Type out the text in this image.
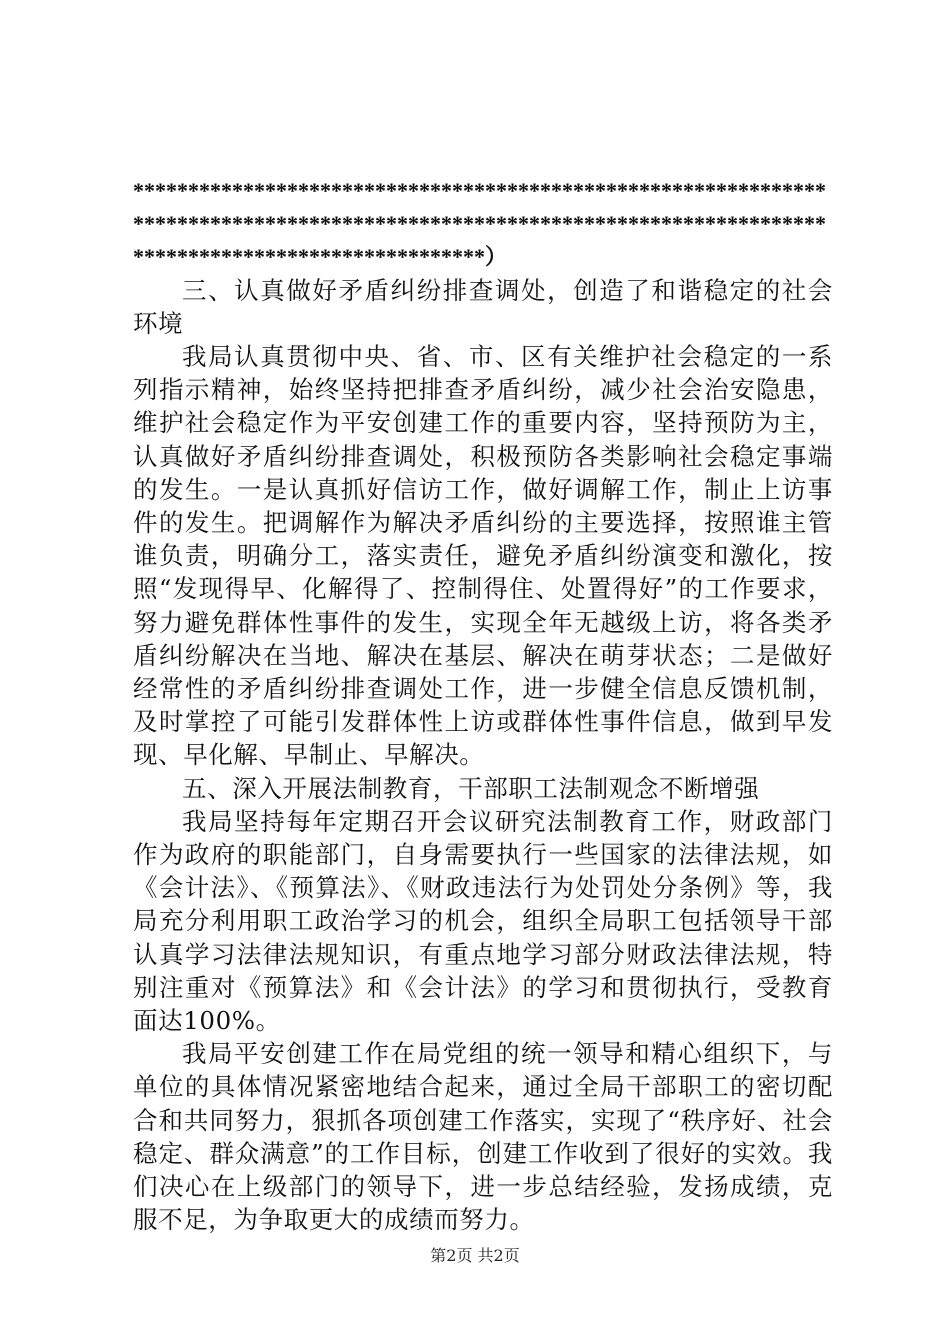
**************************************************************************************************************************************************************）

三、认真做好矛盾纠纷排查调处，创造了和谐稳定的社会环境

我局认真贯彻中央、省、市、区有关维护社会稳定的一系列指示精神，始终坚持把排查矛盾纠纷，减少社会治安隐患，维护社会稳定作为平安创建工作的重要内容，坚持预防为主，认真做好矛盾纠纷排查调处，积极预防各类影响社会稳定事端的发生。一是认真抓好信访工作，做好调解工作，制止上访事件的发生。把调解作为解决矛盾纠纷的主要选择，按照谁主管谁负责，明确分工，落实责任，避免矛盾纠纷演变和激化，按照“发现得早、化解得了、控制得住、处置得好”的工作要求，努力避免群体性事件的发生，实现全年无越级上访，将各类矛盾纠纷解决在当地、解决在基层、解决在萌芽状态；二是做好经常性的矛盾纠纷排查调处工作，进一步健全信息反馈机制，及时掌控了可能引发群体性上访或群体性事件信息，做到早发现、早化解、早制止、早解决。

五、深入开展法制教育，干部职工法制观念不断增强

我局坚持每年定期召开会议研究法制教育工作，财政部门作为政府的职能部门，自身需要执行一些国家的法律法规，如《会计法》、《预算法》、《财政违法行为处罚处分条例》等，我局充分利用职工政治学习的机会，组织全局职工包括领导干部认真学习法律法规知识，有重点地学习部分财政法律法规，特别注重对《预算法》和《会计法》的学习和贯彻执行，受教育面达100%。

我局平安创建工作在局党组的统一领导和精心组织下，与单位的具体情况紧密地结合起来，通过全局干部职工的密切配合和共同努力，狠抓各项创建工作落实，实现了“秩序好、社会稳定、群众满意”的工作目标，创建工作收到了很好的实效。我们决心在上级部门的领导下，进一步总结经验，发扬成绩，克服不足，为争取更大的成绩而努力。

第2页 共2页
